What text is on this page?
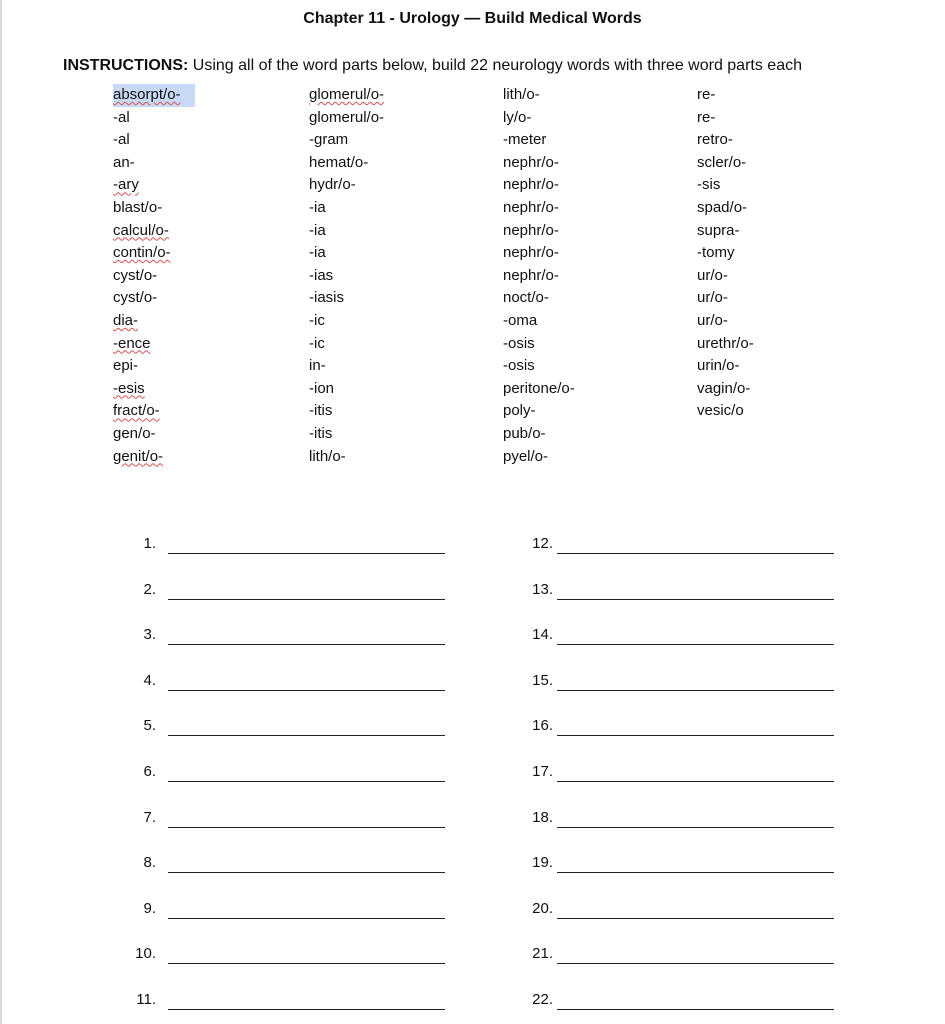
Chapter 11 - Urology — Build Medical Words
INSTRUCTIONS: Using all of the word parts below, build 22 neurology words with three word parts each
absorpt/o-
-al
-al
an-
-ary
blast/o-
calcul/o-
contin/o-
cyst/o-
cyst/o-
dia-
-ence
epi-
-esis
fract/o-
gen/o-
genit/o-
glomerul/o-
glomerul/o-
-gram
hemat/o-
hydr/o-
-ia
-ia
-ia
-ias
-iasis
-ic
-ic
in-
-ion
-itis
-itis
lith/o-
lith/o-
ly/o-
-meter
nephr/o-
nephr/o-
nephr/o-
nephr/o-
nephr/o-
nephr/o-
noct/o-
-oma
-osis
-osis
peritone/o-
poly-
pub/o-
pyel/o-
re-
re-
retro-
scler/o-
-sis
spad/o-
supra-
-tomy
ur/o-
ur/o-
ur/o-
urethr/o-
urin/o-
vagin/o-
vesic/o
1.
2.
3.
4.
5.
6.
7.
8.
9.
10.
11.
12.
13.
14.
15.
16.
17.
18.
19.
20.
21.
22.
